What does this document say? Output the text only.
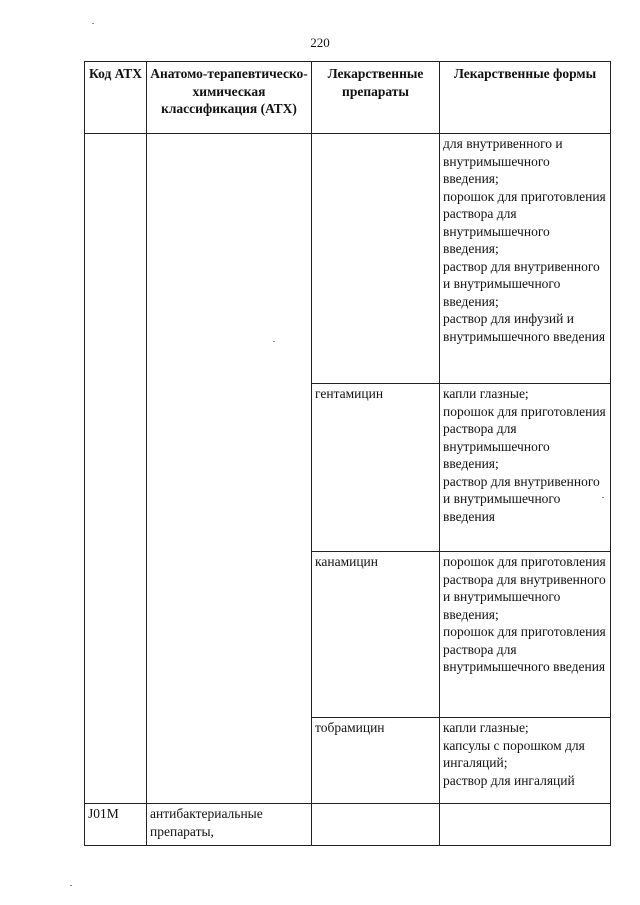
220
Код АТХ	Анатомо-терапевтическо-химическая классификация (АТХ)	Лекарственные препараты	Лекарственные формы
			для внутривенного и внутримышечного введения;
порошок для приготовления раствора для внутримышечного введения;
раствор для внутривенного и внутримышечного введения;
раствор для инфузий и внутримышечного введения
		гентамицин	капли глазные;
порошок для приготовления раствора для внутримышечного введения;
раствор для внутривенного и внутримышечного введения
		канамицин	порошок для приготовления раствора для внутривенного и внутримышечного введения;
порошок для приготовления раствора для внутримышечного введения
		тобрамицин	капли глазные;
капсулы с порошком для ингаляций;
раствор для ингаляций
J01M	антибактериальные препараты,		
